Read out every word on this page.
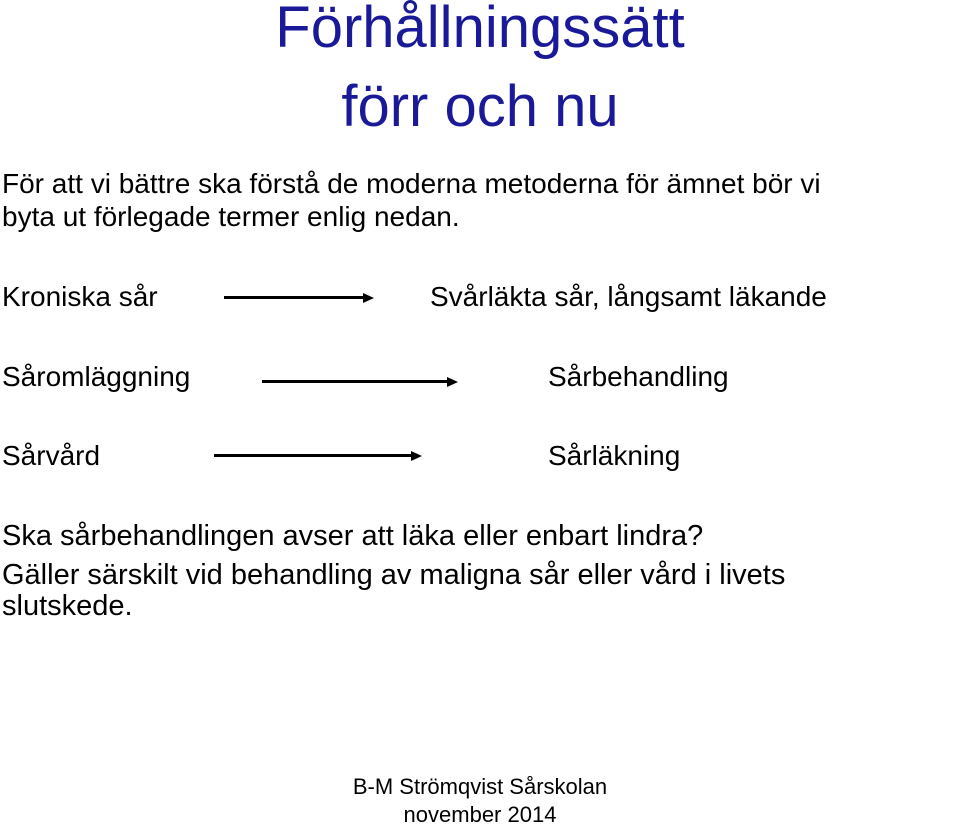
Förhållningssätt
förr och nu
För att vi bättre ska förstå de moderna metoderna för ämnet bör vi
byta ut förlegade termer enlig nedan.
Kroniska sår	Svårläkta sår, långsamt läkande
Såromläggning	Sårbehandling
Sårvård	Sårläkning
Ska sårbehandlingen avser att läka eller enbart lindra?
Gäller särskilt vid behandling av maligna sår eller vård i livets
slutskede.
B-M Strömqvist Sårskolan
november 2014
